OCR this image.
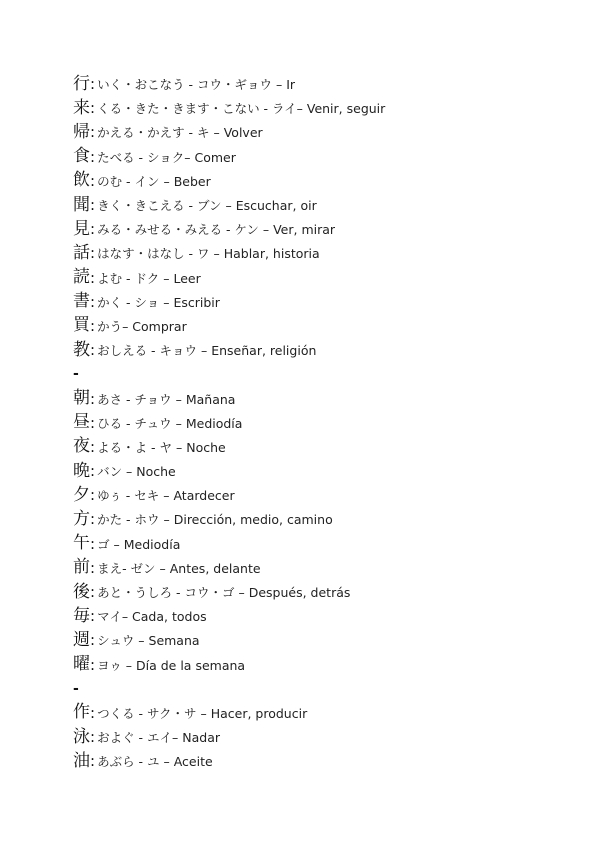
行 : いく・おこなう - コウ・ギョウ – Ir
来 : くる・きた・きます・こない - ライ– Venir, seguir
帰 : かえる・かえす - キ – Volver
食 : たべる - ショク– Comer
飲 : のむ - イン – Beber
聞 : きく・きこえる - ブン – Escuchar, oir
見 : みる・みせる・みえる - ケン – Ver, mirar
話 : はなす・はなし - ワ – Hablar, historia
読 : よむ - ドク – Leer
書 : かく - ショ – Escribir
買 : かう– Comprar
教 : おしえる - キョウ – Enseñar, religión
-
朝 : あさ - チョウ – Mañana
昼 : ひる - チュウ – Mediodía
夜 : よる・よ - ヤ – Noche
晩 : バン – Noche
夕 : ゆぅ - セキ – Atardecer
方 : かた - ホウ – Dirección, medio, camino
午 : ゴ – Mediodía
前 : まえ- ゼン – Antes, delante
後 : あと・うしろ - コウ・ゴ – Después, detrás
毎 : マイ– Cada, todos
週 : シュウ – Semana
曜 : ヨゥ – Día de la semana
-
作 : つくる - サク・サ – Hacer, producir
泳 : およぐ - エイ– Nadar
油 : あぶら - ユ – Aceite
